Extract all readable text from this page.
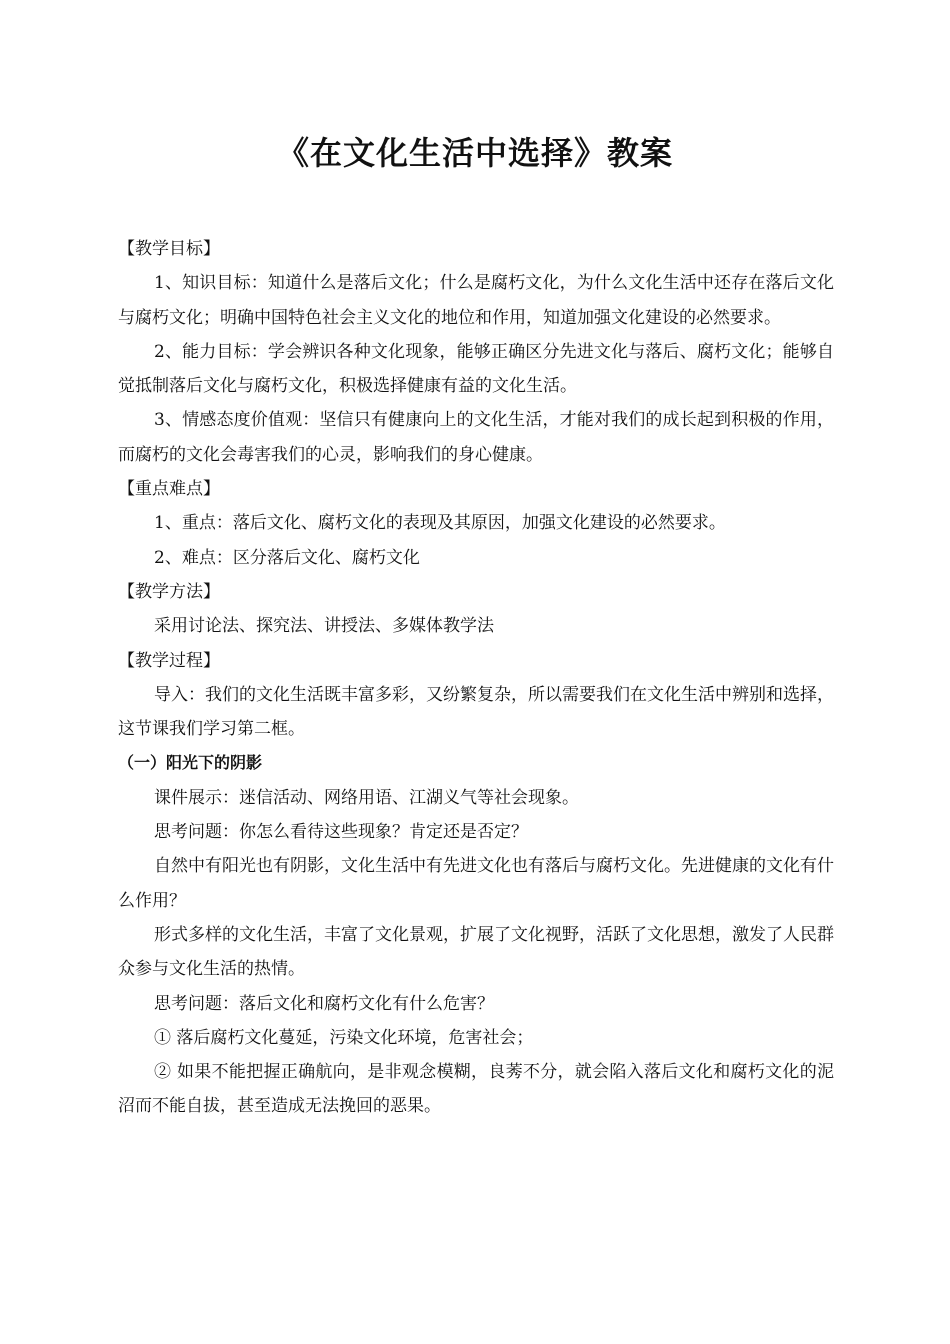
《在文化生活中选择》教案

【教学目标】

1、知识目标：知道什么是落后文化；什么是腐朽文化，为什么文化生活中还存在落后文化与腐朽文化；明确中国特色社会主义文化的地位和作用，知道加强文化建设的必然要求。

2、能力目标：学会辨识各种文化现象，能够正确区分先进文化与落后、腐朽文化；能够自觉抵制落后文化与腐朽文化，积极选择健康有益的文化生活。

3、情感态度价值观：坚信只有健康向上的文化生活，才能对我们的成长起到积极的作用，而腐朽的文化会毒害我们的心灵，影响我们的身心健康。

【重点难点】

1、重点：落后文化、腐朽文化的表现及其原因，加强文化建设的必然要求。

2、难点：区分落后文化、腐朽文化

【教学方法】

采用讨论法、探究法、讲授法、多媒体教学法

【教学过程】

导入：我们的文化生活既丰富多彩，又纷繁复杂，所以需要我们在文化生活中辨别和选择，这节课我们学习第二框。

（一）阳光下的阴影

课件展示：迷信活动、网络用语、江湖义气等社会现象。

思考问题：你怎么看待这些现象？肯定还是否定？

自然中有阳光也有阴影，文化生活中有先进文化也有落后与腐朽文化。先进健康的文化有什么作用？

形式多样的文化生活，丰富了文化景观，扩展了文化视野，活跃了文化思想，激发了人民群众参与文化生活的热情。

思考问题：落后文化和腐朽文化有什么危害？

① 落后腐朽文化蔓延，污染文化环境，危害社会；

② 如果不能把握正确航向，是非观念模糊，良莠不分，就会陷入落后文化和腐朽文化的泥沼而不能自拔，甚至造成无法挽回的恶果。
